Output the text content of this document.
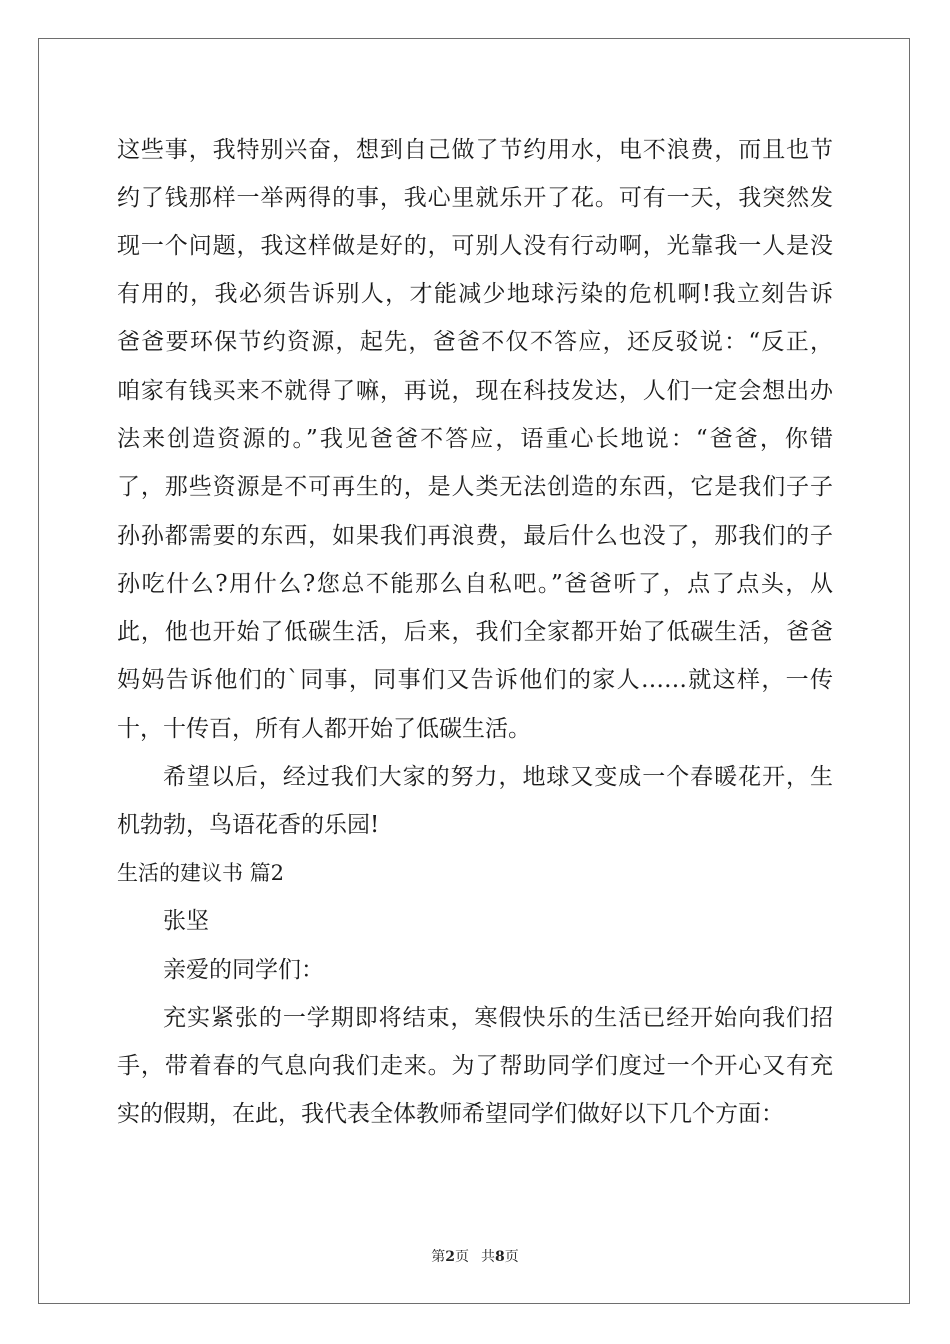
这些事，我特别兴奋，想到自己做了节约用水，电不浪费，而且也节

约了钱那样一举两得的事，我心里就乐开了花。可有一天，我突然发

现一个问题，我这样做是好的，可别人没有行动啊，光靠我一人是没

有用的，我必须告诉别人，才能减少地球污染的危机啊!我立刻告诉

爸爸要环保节约资源，起先，爸爸不仅不答应，还反驳说：“反正，

咱家有钱买来不就得了嘛，再说，现在科技发达，人们一定会想出办

法来创造资源的。”我见爸爸不答应，语重心长地说：“爸爸，你错

了，那些资源是不可再生的，是人类无法创造的东西，它是我们子子

孙孙都需要的东西，如果我们再浪费，最后什么也没了，那我们的子

孙吃什么?用什么?您总不能那么自私吧。”爸爸听了，点了点头，从

此，他也开始了低碳生活，后来，我们全家都开始了低碳生活，爸爸

妈妈告诉他们的`同事，同事们又告诉他们的家人……就这样，一传

十，十传百，所有人都开始了低碳生活。

希望以后，经过我们大家的努力，地球又变成一个春暖花开，生

机勃勃，鸟语花香的乐园!

生活的建议书 篇2

张坚

亲爱的同学们：

充实紧张的一学期即将结束，寒假快乐的生活已经开始向我们招

手，带着春的气息向我们走来。为了帮助同学们度过一个开心又有充

实的假期，在此，我代表全体教师希望同学们做好以下几个方面：

第2页 共8页
